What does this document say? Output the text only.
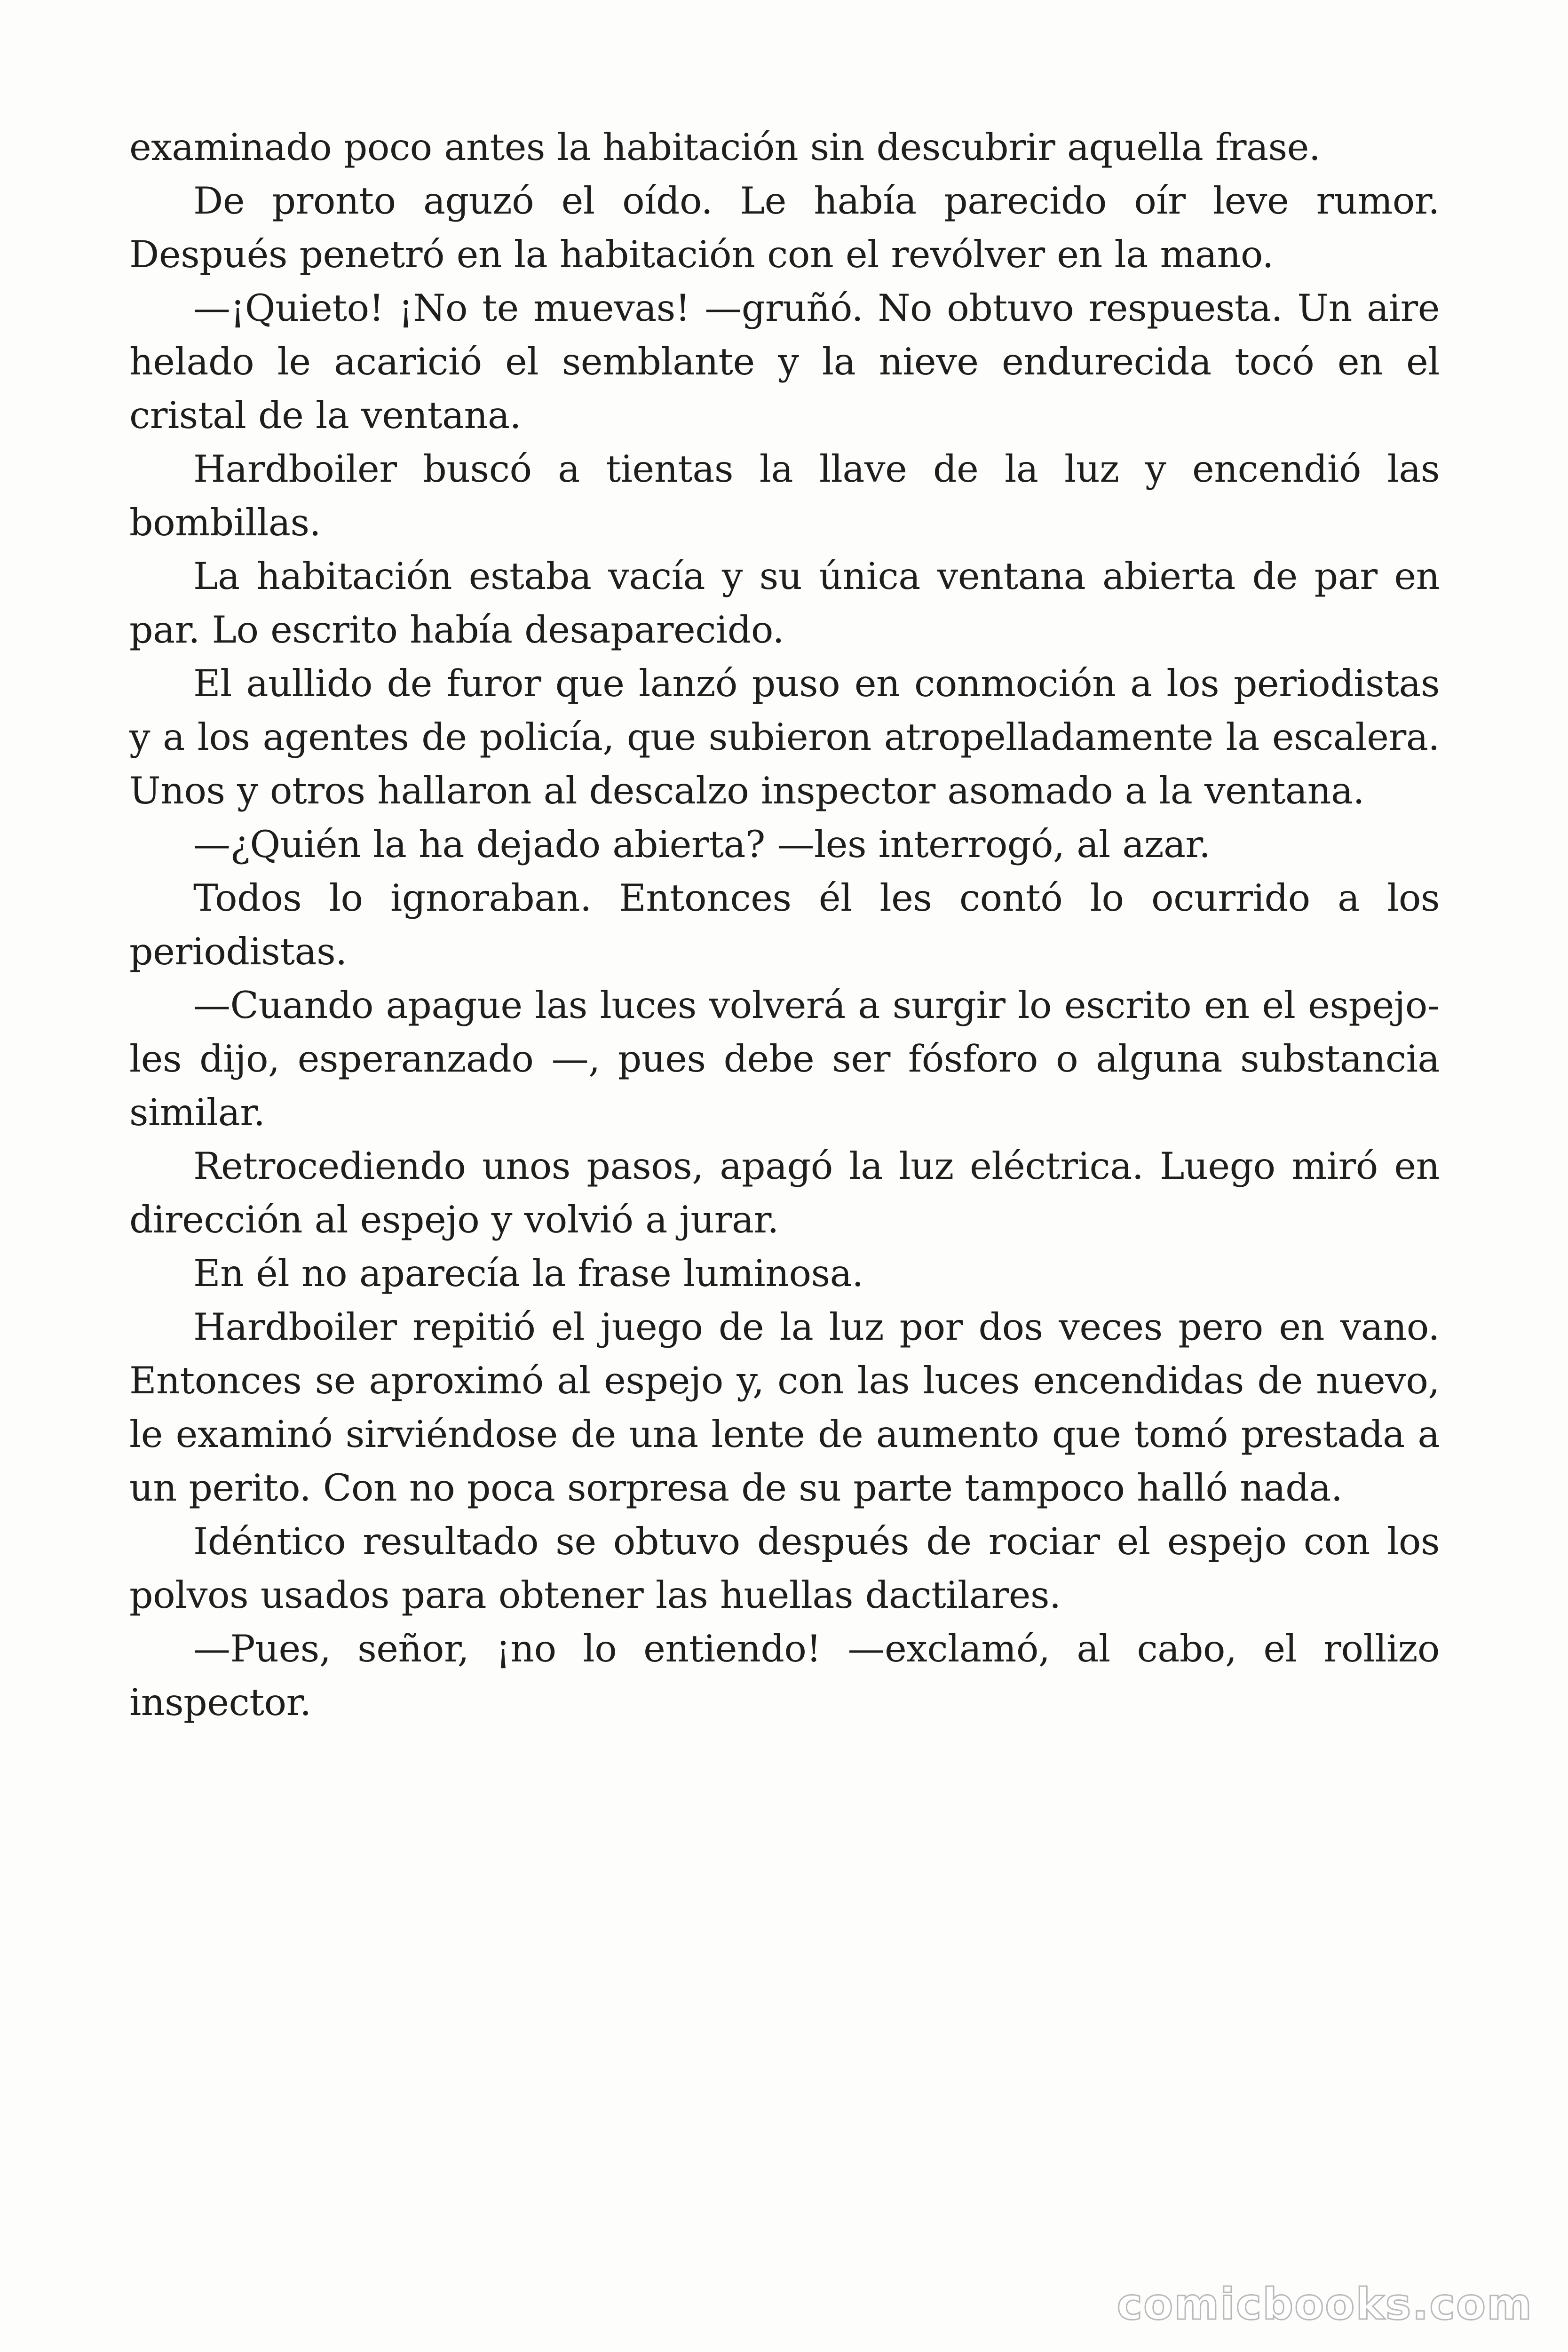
examinado poco antes la habitación sin descubrir aquella frase.

De pronto aguzó el oído. Le había parecido oír leve rumor. Después penetró en la habitación con el revólver en la mano.

—¡Quieto! ¡No te muevas! —gruñó. No obtuvo respuesta. Un aire helado le acarició el semblante y la nieve endurecida tocó en el cristal de la ventana.

Hardboiler buscó a tientas la llave de la luz y encendió las bombillas.

La habitación estaba vacía y su única ventana abierta de par en par. Lo escrito había desaparecido.

El aullido de furor que lanzó puso en conmoción a los periodistas y a los agentes de policía, que subieron atropelladamente la escalera. Unos y otros hallaron al descalzo inspector asomado a la ventana.

—¿Quién la ha dejado abierta? —les interrogó, al azar.

Todos lo ignoraban. Entonces él les contó lo ocurrido a los periodistas.

—Cuando apague las luces volverá a surgir lo escrito en el espejo-les dijo, esperanzado —, pues debe ser fósforo o alguna substancia similar.

Retrocediendo unos pasos, apagó la luz eléctrica. Luego miró en dirección al espejo y volvió a jurar.

En él no aparecía la frase luminosa.

Hardboiler repitió el juego de la luz por dos veces pero en vano. Entonces se aproximó al espejo y, con las luces encendidas de nuevo, le examinó sirviéndose de una lente de aumento que tomó prestada a un perito. Con no poca sorpresa de su parte tampoco halló nada.

Idéntico resultado se obtuvo después de rociar el espejo con los polvos usados para obtener las huellas dactilares.

—Pues, señor, ¡no lo entiendo! —exclamó, al cabo, el rollizo inspector.

comicbooks.com
